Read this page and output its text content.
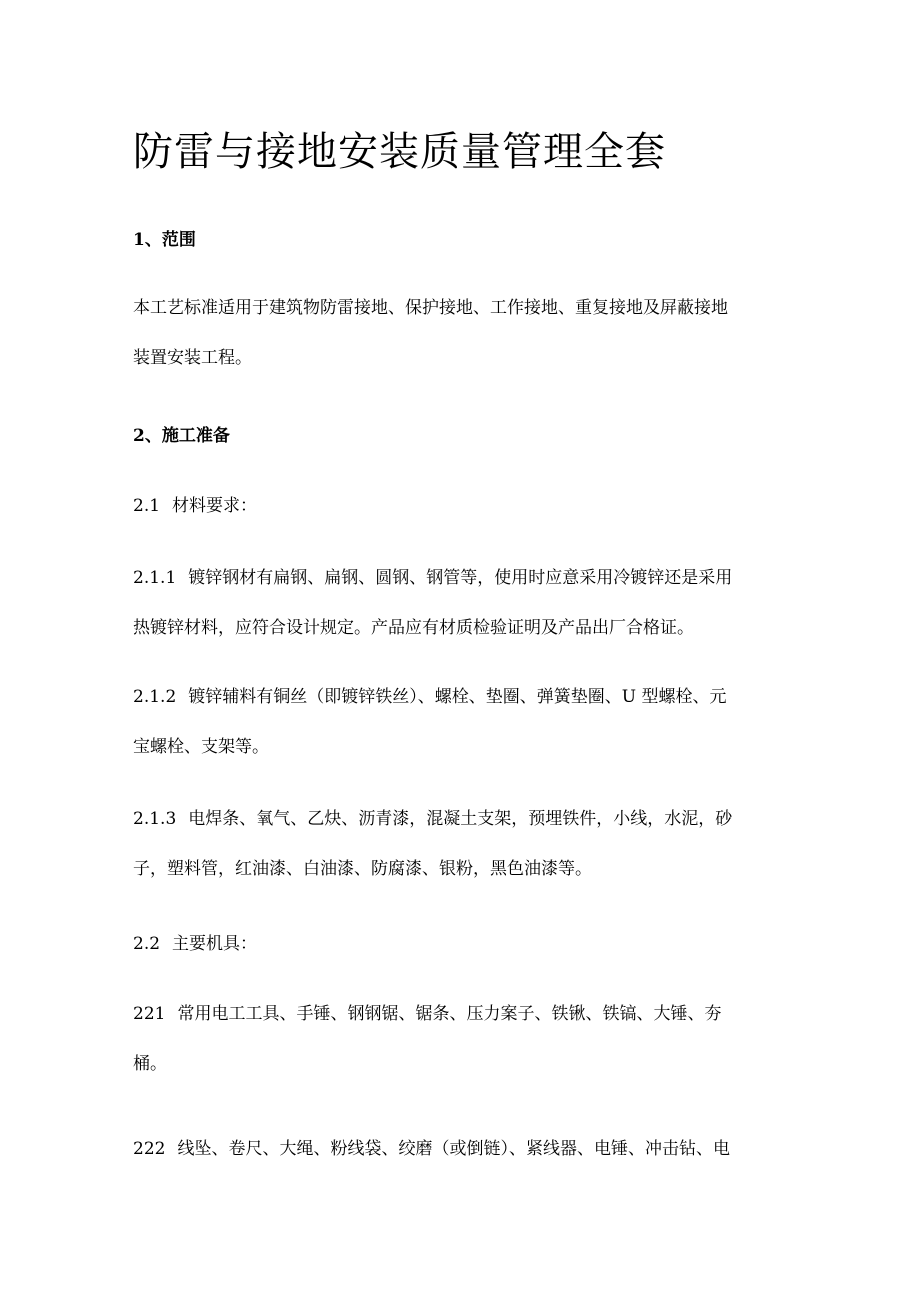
防雷与接地安装质量管理全套
1、范围

本工艺标准适用于建筑物防雷接地、保护接地、工作接地、重复接地及屏蔽接地
装置安装工程。

2、施工准备

2.1 材料要求：

2.1.1 镀锌钢材有扁钢、扁钢、圆钢、钢管等，使用时应意采用冷镀锌还是采用
热镀锌材料，应符合设计规定。产品应有材质检验证明及产品出厂合格证。

2.1.2 镀锌辅料有铜丝（即镀锌铁丝）、螺栓、垫圈、弹簧垫圈、U 型螺栓、元
宝螺栓、支架等。

2.1.3 电焊条、氧气、乙炔、沥青漆，混凝土支架，预埋铁件，小线，水泥，砂
子，塑料管，红油漆、白油漆、防腐漆、银粉，黑色油漆等。

2.2 主要机具：

221 常用电工工具、手锤、钢钢锯、锯条、压力案子、铁锹、铁镐、大锤、夯
桶。

222 线坠、卷尺、大绳、粉线袋、绞磨（或倒链）、紧线器、电锤、冲击钻、电
